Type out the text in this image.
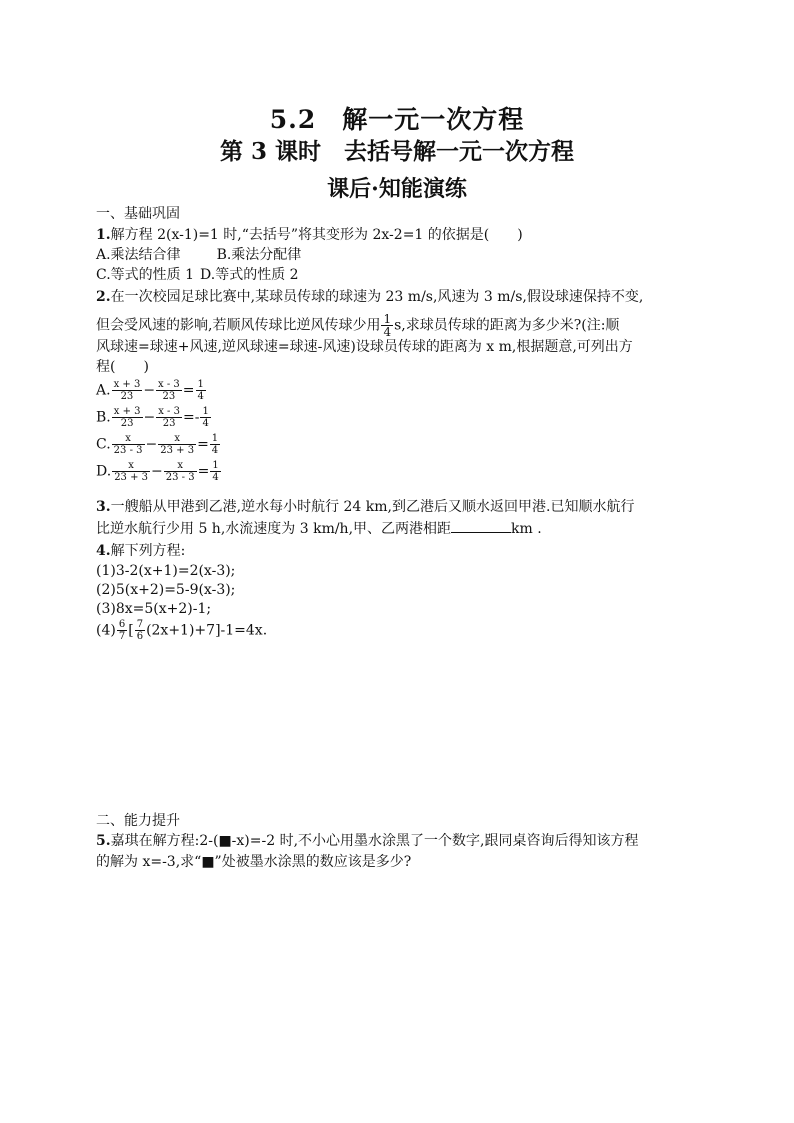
5.2　解一元一次方程
第 3 课时　去括号解一元一次方程
课后·知能演练
一、基础巩固
1.解方程 2(x-1)=1 时,“去括号”将其变形为 2x-2=1 的依据是(　　)
A.乘法结合律	B.乘法分配律
C.等式的性质 1 D.等式的性质 2
2.在一次校园足球比赛中,某球员传球的球速为 23 m/s,风速为 3 m/s,假设球速保持不变,
但会受风速的影响,若顺风传球比逆风传球少用 $\frac{1}{4} s$,求球员传球的距离为多少米?(注:顺
风球速=球速+风速,逆风球速=球速-风速)设球员传球的距离为 x m,根据题意,可列出方
程(　　)
A. $\frac{x + 3}{23} - \frac{x - 3}{23} = \frac{1}{4}$
B. $\frac{x + 3}{23} - \frac{x - 3}{23} =- \frac{1}{4}$
C. $\frac{x}{23 - 3} - \frac{x}{23 + 3} = \frac{1}{4}$
D. $\frac{x}{23 + 3} - \frac{x}{23 - 3} = \frac{1}{4}$
3.一艘船从甲港到乙港,逆水每小时航行 24 km,到乙港后又顺水返回甲港.已知顺水航行
比逆水航行少用 5 h,水流速度为 3 km/h,甲、乙两港相距	km .
4.解下列方程:
(1)3-2(x+1)=2(x-3);
(2)5(x+2)=5-9(x-3);
(3)8x=5(x+2)-1;
$(4) \frac{6}{7}$ [ $\frac{7}{6} (2x+1)+7]-1=4x$.
二、能力提升
5.嘉琪在解方程:2-(■-x)=-2 时,不小心用墨水涂黑了一个数字,跟同桌咨询后得知该方程
的解为 x=-3,求“■”处被墨水涂黑的数应该是多少?
